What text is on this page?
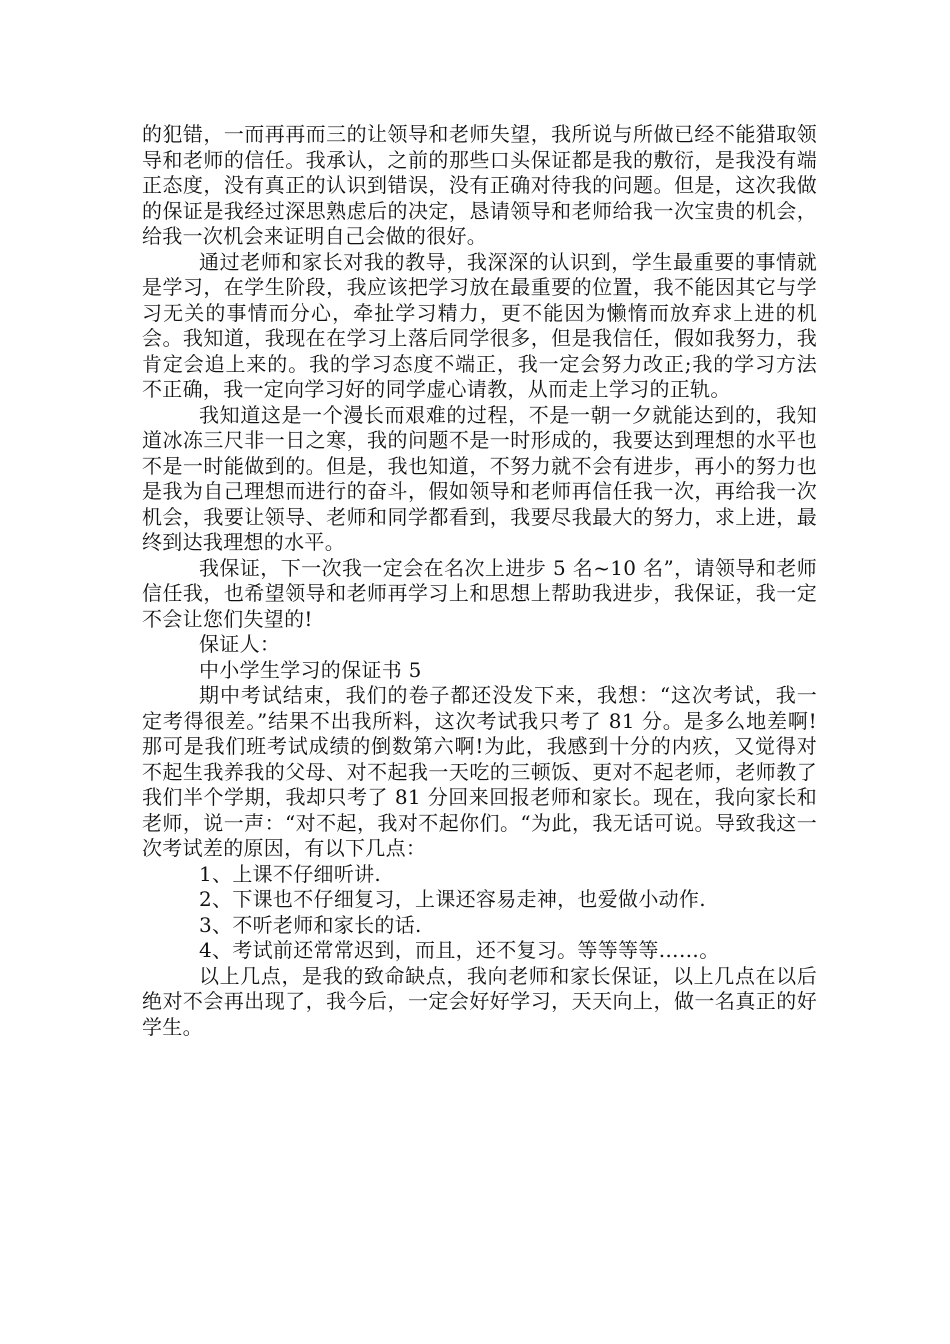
的犯错，一而再再而三的让领导和老师失望，我所说与所做已经不能猎取领导和老师的信任。我承认，之前的那些口头保证都是我的敷衍，是我没有端正态度，没有真正的认识到错误，没有正确对待我的问题。但是，这次我做的保证是我经过深思熟虑后的决定，恳请领导和老师给我一次宝贵的机会，给我一次机会来证明自己会做的很好。

通过老师和家长对我的教导，我深深的认识到，学生最重要的事情就是学习，在学生阶段，我应该把学习放在最重要的位置，我不能因其它与学习无关的事情而分心，牵扯学习精力，更不能因为懒惰而放弃求上进的机会。我知道，我现在在学习上落后同学很多，但是我信任，假如我努力，我肯定会追上来的。我的学习态度不端正，我一定会努力改正;我的学习方法不正确，我一定向学习好的同学虚心请教，从而走上学习的正轨。

我知道这是一个漫长而艰难的过程，不是一朝一夕就能达到的，我知道冰冻三尺非一日之寒，我的问题不是一时形成的，我要达到理想的水平也不是一时能做到的。但是，我也知道，不努力就不会有进步，再小的努力也是我为自己理想而进行的奋斗，假如领导和老师再信任我一次，再给我一次机会，我要让领导、老师和同学都看到，我要尽我最大的努力，求上进，最终到达我理想的水平。

我保证，下一次我一定会在名次上进步 5 名~10 名”，请领导和老师信任我，也希望领导和老师再学习上和思想上帮助我进步，我保证，我一定不会让您们失望的!

保证人：

中小学生学习的保证书 5

期中考试结束，我们的卷子都还没发下来，我想：“这次考试，我一定考得很差。”结果不出我所料，这次考试我只考了 81 分。是多么地差啊!那可是我们班考试成绩的倒数第六啊!为此，我感到十分的内疚，又觉得对不起生我养我的父母、对不起我一天吃的三顿饭、更对不起老师，老师教了我们半个学期，我却只考了 81 分回来回报老师和家长。现在，我向家长和老师，说一声：“对不起，我对不起你们。“为此，我无话可说。导致我这一次考试差的原因，有以下几点：

1、上课不仔细听讲.

2、下课也不仔细复习，上课还容易走神，也爱做小动作.

3、不听老师和家长的话.

4、考试前还常常迟到，而且，还不复习。等等等等……。

以上几点，是我的致命缺点，我向老师和家长保证，以上几点在以后绝对不会再出现了，我今后，一定会好好学习，天天向上，做一名真正的好学生。
